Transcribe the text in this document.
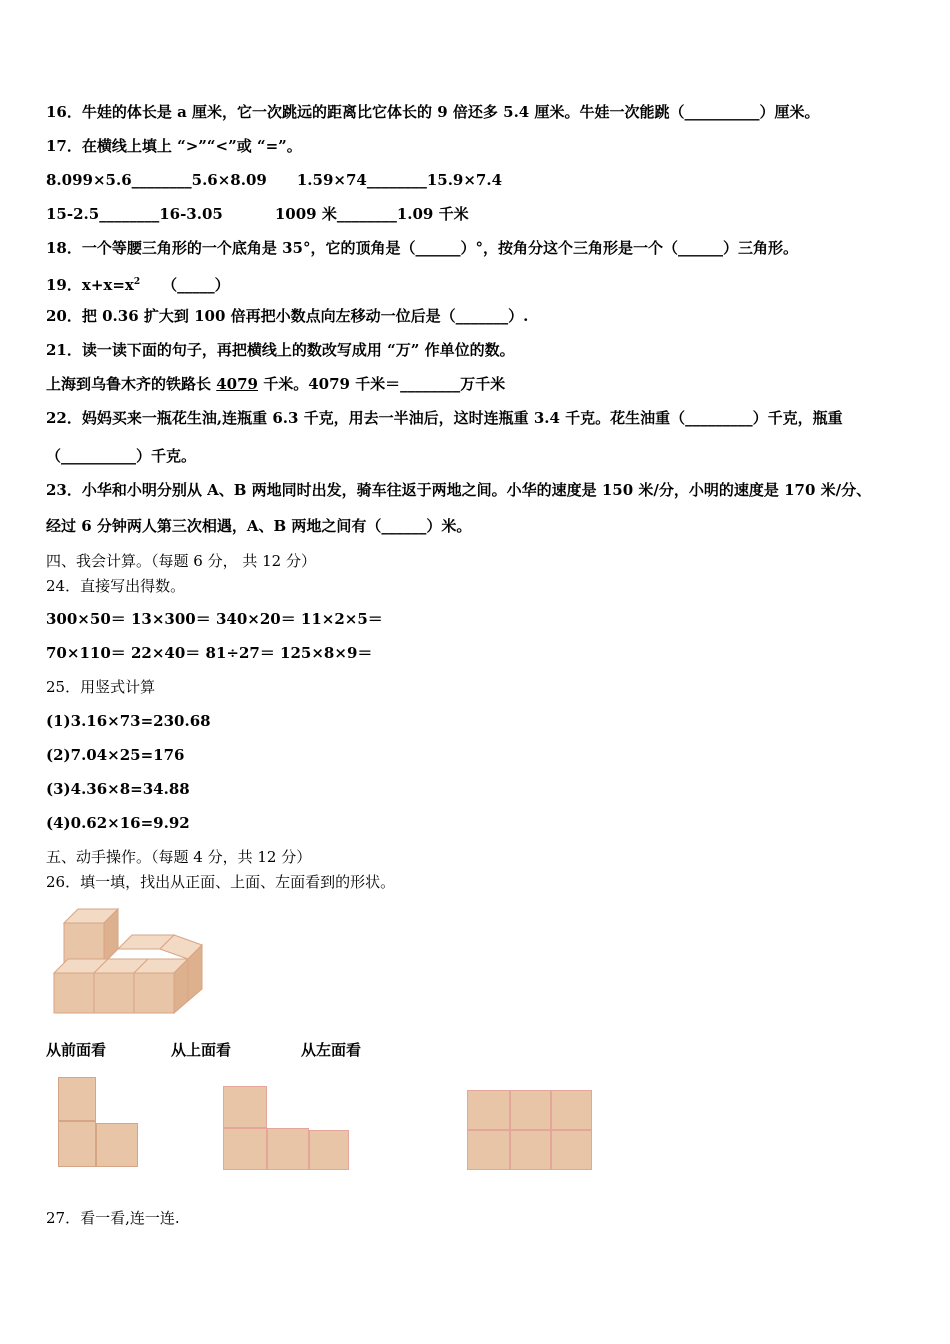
16．牛娃的体长是 a 厘米，它一次跳远的距离比它体长的 9 倍还多 5.4 厘米。牛娃一次能跳（__________）厘米。
17．在横线上填上 “>”“<”或 “=”。
8.099×5.6________5.6×8.09 1.59×74________15.9×7.4
15-2.5________16-3.05	1009 米________1.09 千米
18．一个等腰三角形的一个底角是 35°，它的顶角是（______）°，按角分这个三角形是一个（______）三角形。
19．$x+x=x^2$ （_____）
20．把 0.36 扩大到 100 倍再把小数点向左移动一位后是（_______）.
21．读一读下面的句子，再把横线上的数改写成用 “万” 作单位的数。
上海到乌鲁木齐的铁路长 4079 千米。4079 千米＝________万千米
22．妈妈买来一瓶花生油,连瓶重 6.3 千克，用去一半油后，这时连瓶重 3.4 千克。花生油重（_________）千克，瓶重
（__________）千克。
23．小华和小明分别从 A、B 两地同时出发，骑车往返于两地之间。小华的速度是 150 米/分，小明的速度是 170 米/分、
经过 6 分钟两人第三次相遇，A、B 两地之间有（______）米。
四、我会计算。（每题 6 分， 共 12 分）
24．直接写出得数。
300×50＝ 13×300＝ 340×20＝ 11×2×5＝
70×110＝ 22×40＝ 81÷27＝ 125×8×9＝
25．用竖式计算
(1)3.16×73=230.68
(2)7.04×25=176
(3)4.36×8=34.88
(4)0.62×16=9.92
五、动手操作。（每题 4 分，共 12 分）
26．填一填，找出从正面、上面、左面看到的形状。
从前面看	从上面看	从左面看
27．看一看,连一连.
